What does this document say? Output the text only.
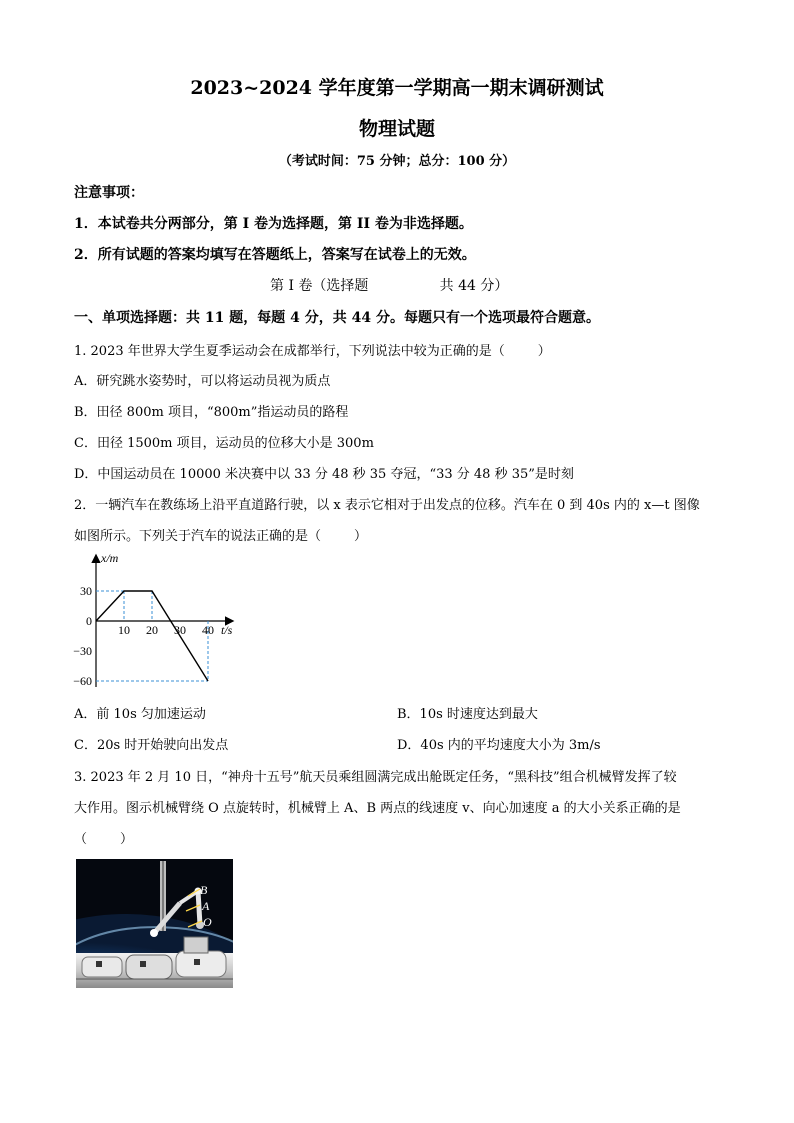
2023~2024 学年度第一学期高一期末调研测试
物理试题
（考试时间：75 分钟；总分：100 分）
注意事项：
1．本试卷共分两部分，第 I 卷为选择题，第 II 卷为非选择题。
2．所有试题的答案均填写在答题纸上，答案写在试卷上的无效。
第 I 卷（选择题                共 44 分）
一、单项选择题：共 11 题，每题 4 分，共 44 分。每题只有一个选项最符合题意。
1. 2023 年世界大学生夏季运动会在成都举行，下列说法中较为正确的是（        ）
A．研究跳水姿势时，可以将运动员视为质点
B．田径 800m 项目，“800m”指运动员的路程
C．田径 1500m 项目，运动员的位移大小是 300m
D．中国运动员在 10000 米决赛中以 33 分 48 秒 35 夺冠，“33 分 48 秒 35”是时刻
2．一辆汽车在教练场上沿平直道路行驶，以 x 表示它相对于出发点的位移。汽车在 0 到 40s 内的 x—t 图像
如图所示。下列关于汽车的说法正确的是（        ）
10 20 30 40
30
0
−30
−60
x/m
t/s
A．前 10s 匀加速运动	B．10s 时速度达到最大
C．20s 时开始驶向出发点	D．40s 内的平均速度大小为 3m/s
3. 2023 年 2 月 10 日，“神舟十五号”航天员乘组圆满完成出舱既定任务，“黑科技”组合机械臂发挥了较
大作用。图示机械臂绕 O 点旋转时，机械臂上 A、B 两点的线速度 v、向心加速度 a 的大小关系正确的是
（        ）
B
A
O
